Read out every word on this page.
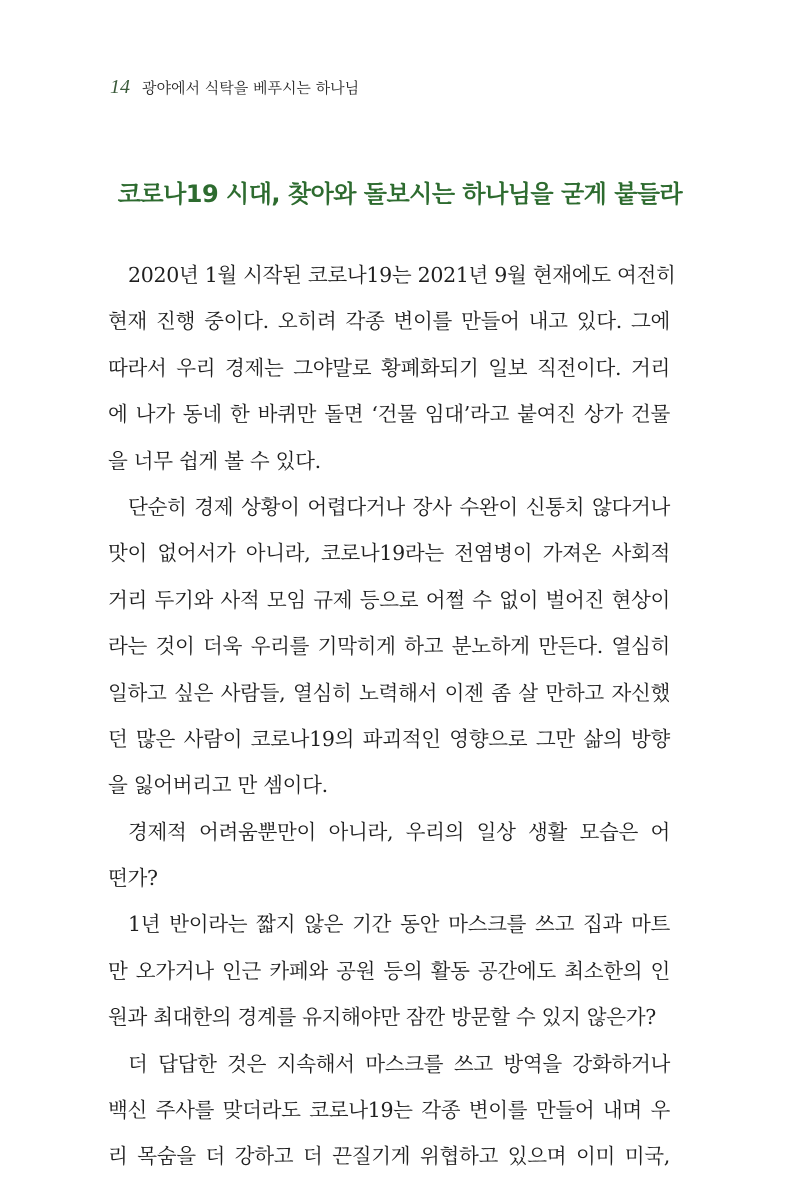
14 광야에서 식탁을 베푸시는 하나님
코로나19 시대, 찾아와 돌보시는 하나님을 굳게 붙들라
2020년 1월 시작된 코로나19는 2021년 9월 현재에도 여전히
현재 진행 중이다. 오히려 각종 변이를 만들어 내고 있다. 그에
따라서 우리 경제는 그야말로 황폐화되기 일보 직전이다. 거리
에 나가 동네 한 바퀴만 돌면 ‘건물 임대’라고 붙여진 상가 건물
을 너무 쉽게 볼 수 있다.
단순히 경제 상황이 어렵다거나 장사 수완이 신통치 않다거나
맛이 없어서가 아니라, 코로나19라는 전염병이 가져온 사회적
거리 두기와 사적 모임 규제 등으로 어쩔 수 없이 벌어진 현상이
라는 것이 더욱 우리를 기막히게 하고 분노하게 만든다. 열심히
일하고 싶은 사람들, 열심히 노력해서 이젠 좀 살 만하고 자신했
던 많은 사람이 코로나19의 파괴적인 영향으로 그만 삶의 방향
을 잃어버리고 만 셈이다.
경제적 어려움뿐만이 아니라, 우리의 일상 생활 모습은 어
떤가?
1년 반이라는 짧지 않은 기간 동안 마스크를 쓰고 집과 마트
만 오가거나 인근 카페와 공원 등의 활동 공간에도 최소한의 인
원과 최대한의 경계를 유지해야만 잠깐 방문할 수 있지 않은가?
더 답답한 것은 지속해서 마스크를 쓰고 방역을 강화하거나
백신 주사를 맞더라도 코로나19는 각종 변이를 만들어 내며 우
리 목숨을 더 강하고 더 끈질기게 위협하고 있으며 이미 미국,
